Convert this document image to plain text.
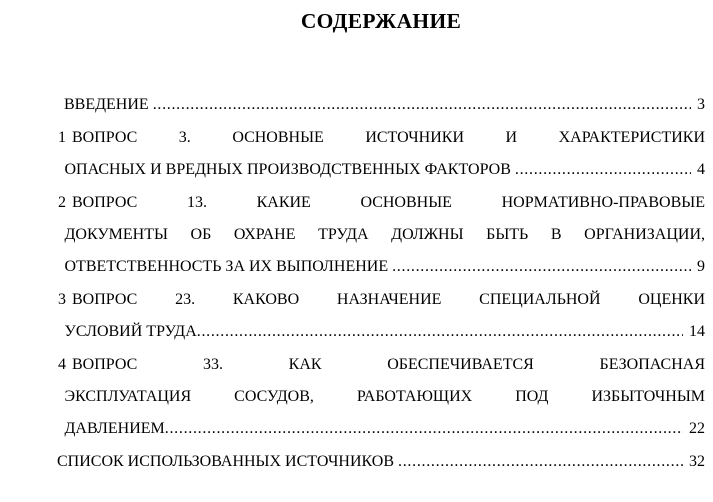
СОДЕРЖАНИЕ
ВВЕДЕНИЕ .....	3
1 ВОПРОС 3. ОСНОВНЫЕ ИСТОЧНИКИ И ХАРАКТЕРИСТИКИ
ОПАСНЫХ И ВРЕДНЫХ ПРОИЗВОДСТВЕННЫХ ФАКТОРОВ .....	4
2 ВОПРОС 13. КАКИЕ ОСНОВНЫЕ НОРМАТИВНО-ПРАВОВЫЕ
ДОКУМЕНТЫ ОБ ОХРАНЕ ТРУДА ДОЛЖНЫ БЫТЬ В ОРГАНИЗАЦИИ,
ОТВЕТСТВЕННОСТЬ ЗА ИХ ВЫПОЛНЕНИЕ .....	9
3 ВОПРОС 23. КАКОВО НАЗНАЧЕНИЕ СПЕЦИАЛЬНОЙ ОЦЕНКИ
УСЛОВИЙ ТРУДА .....	14
4 ВОПРОС 33. КАК ОБЕСПЕЧИВАЕТСЯ БЕЗОПАСНАЯ
ЭКСПЛУАТАЦИЯ СОСУДОВ, РАБОТАЮЩИХ ПОД ИЗБЫТОЧНЫМ
ДАВЛЕНИЕМ .....	22
СПИСОК ИСПОЛЬЗОВАННЫХ ИСТОЧНИКОВ .....	32
